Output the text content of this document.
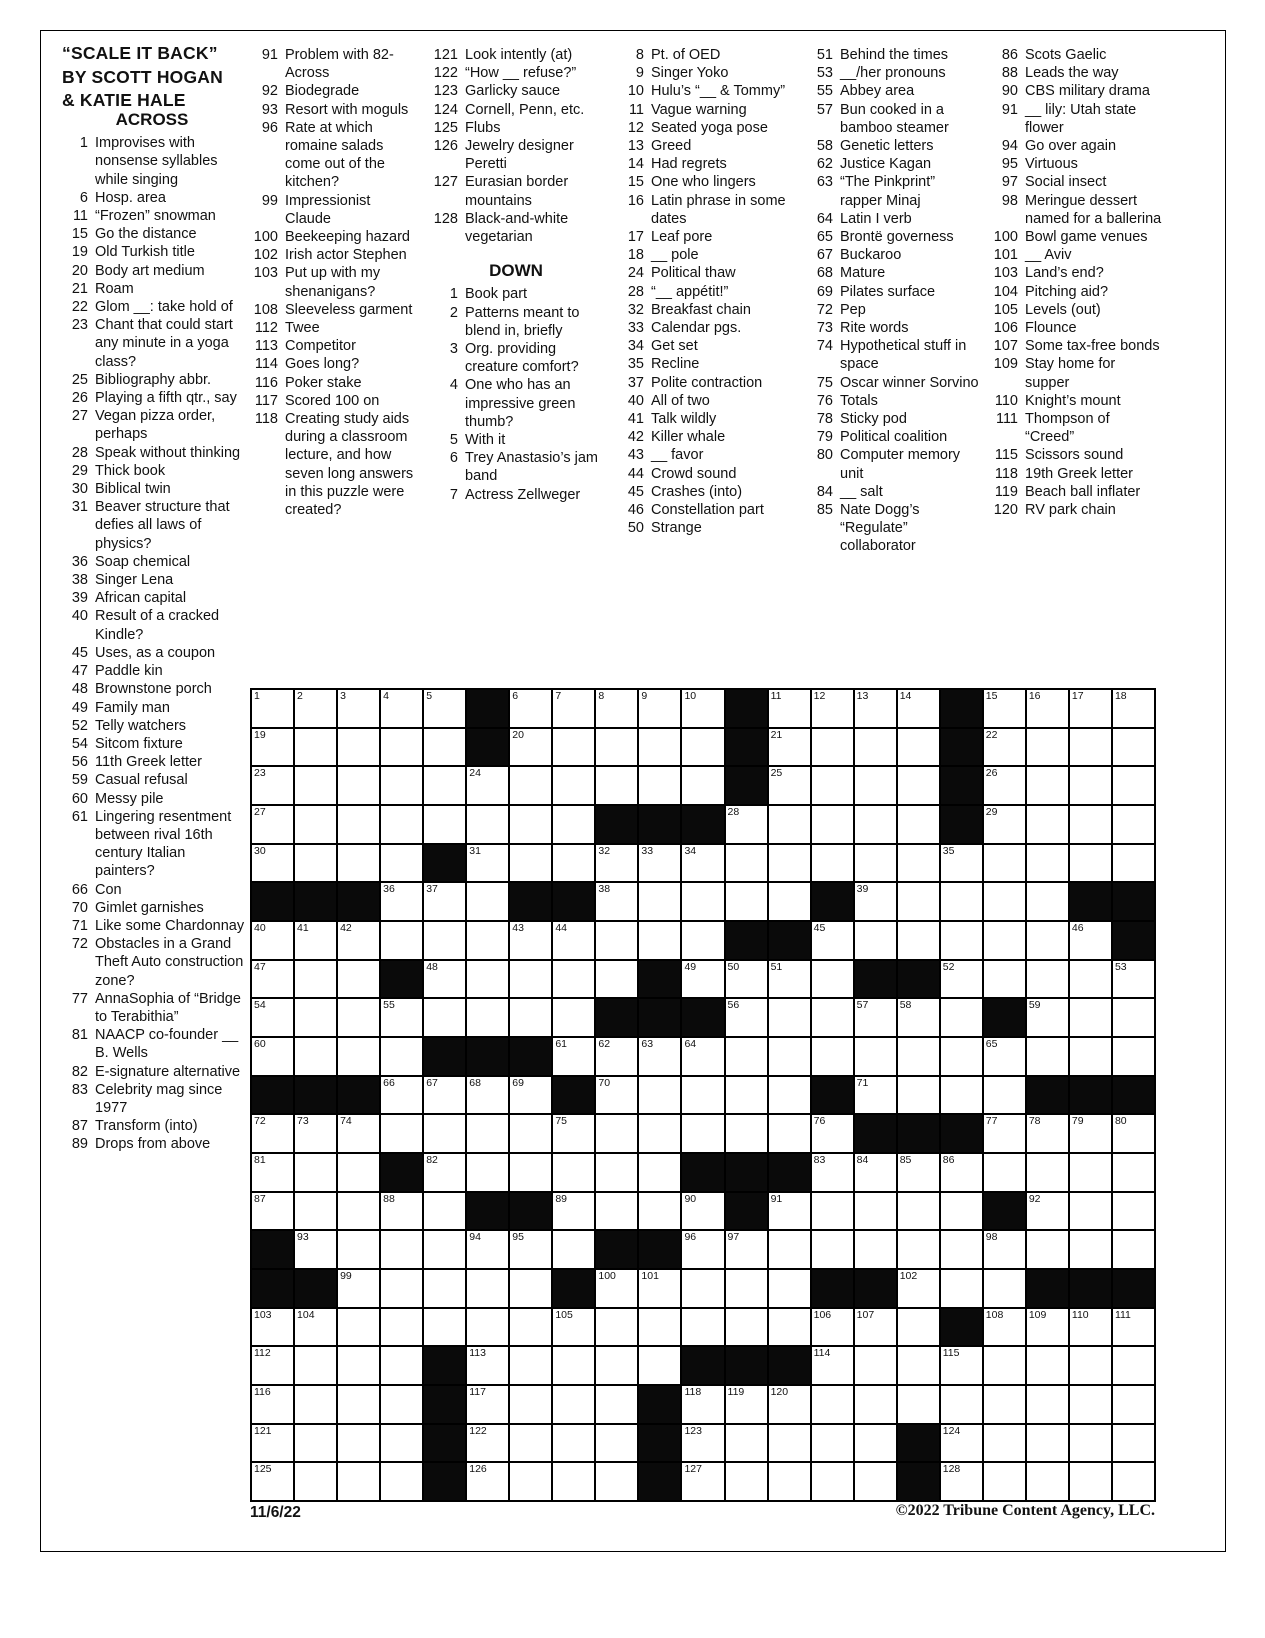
“SCALE IT BACK”
BY SCOTT HOGAN
& KATIE HALE
ACROSS
1 Improvises with nonsense syllables while singing
6 Hosp. area
11 “Frozen” snowman
15 Go the distance
19 Old Turkish title
20 Body art medium
21 Roam
22 Glom __: take hold of
23 Chant that could start any minute in a yoga class?
25 Bibliography abbr.
26 Playing a fifth qtr., say
27 Vegan pizza order, perhaps
28 Speak without thinking
29 Thick book
30 Biblical twin
31 Beaver structure that defies all laws of physics?
36 Soap chemical
38 Singer Lena
39 African capital
40 Result of a cracked Kindle?
45 Uses, as a coupon
47 Paddle kin
48 Brownstone porch
49 Family man
52 Telly watchers
54 Sitcom fixture
56 11th Greek letter
59 Casual refusal
60 Messy pile
61 Lingering resentment between rival 16th century Italian painters?
66 Con
70 Gimlet garnishes
71 Like some Chardonnay
72 Obstacles in a Grand Theft Auto construction zone?
77 AnnaSophia of “Bridge to Terabithia”
81 NAACP co-founder __ B. Wells
82 E-signature alternative
83 Celebrity mag since 1977
87 Transform (into)
89 Drops from above
91 Problem with 82-Across
92 Biodegrade
93 Resort with moguls
96 Rate at which romaine salads come out of the kitchen?
99 Impressionist Claude
100 Beekeeping hazard
102 Irish actor Stephen
103 Put up with my shenanigans?
108 Sleeveless garment
112 Twee
113 Competitor
114 Goes long?
116 Poker stake
117 Scored 100 on
118 Creating study aids during a classroom lecture, and how seven long answers in this puzzle were created?
121 Look intently (at)
122 “How __ refuse?”
123 Garlicky sauce
124 Cornell, Penn, etc.
125 Flubs
126 Jewelry designer Peretti
127 Eurasian border mountains
128 Black-and-white vegetarian
DOWN
1 Book part
2 Patterns meant to blend in, briefly
3 Org. providing creature comfort?
4 One who has an impressive green thumb?
5 With it
6 Trey Anastasio’s jam band
7 Actress Zellweger
8 Pt. of OED
9 Singer Yoko
10 Hulu’s “__ & Tommy”
11 Vague warning
12 Seated yoga pose
13 Greed
14 Had regrets
15 One who lingers
16 Latin phrase in some dates
17 Leaf pore
18 __ pole
24 Political thaw
28 “__ appétit!”
32 Breakfast chain
33 Calendar pgs.
34 Get set
35 Recline
37 Polite contraction
40 All of two
41 Talk wildly
42 Killer whale
43 __ favor
44 Crowd sound
45 Crashes (into)
46 Constellation part
50 Strange
51 Behind the times
53 __/her pronouns
55 Abbey area
57 Bun cooked in a bamboo steamer
58 Genetic letters
62 Justice Kagan
63 “The Pinkprint” rapper Minaj
64 Latin I verb
65 Brontë governess
67 Buckaroo
68 Mature
69 Pilates surface
72 Pep
73 Rite words
74 Hypothetical stuff in space
75 Oscar winner Sorvino
76 Totals
78 Sticky pod
79 Political coalition
80 Computer memory unit
84 __ salt
85 Nate Dogg’s “Regulate” collaborator
86 Scots Gaelic
88 Leads the way
90 CBS military drama
91 __ lily: Utah state flower
94 Go over again
95 Virtuous
97 Social insect
98 Meringue dessert named for a ballerina
100 Bowl game venues
101 __ Aviv
103 Land’s end?
104 Pitching aid?
105 Levels (out)
106 Flounce
107 Some tax-free bonds
109 Stay home for supper
110 Knight’s mount
111 Thompson of “Creed”
115 Scissors sound
118 19th Greek letter
119 Beach ball inflater
120 RV park chain
1	2	3	4	5	6	7	8	9	10	11	12	13	14	15	16	17	18
19	20	21	22
23	24	25	26
27	28	29
30	31	32	33	34	35
36	37	38	39
40	41	42	43	44	45	46
47	48	49	50	51	52	53
54	55	56	57	58	59
60	61	62	63	64	65
66	67	68	69	70	71
72	73	74	75	76	77	78	79	80
81	82	83	84	85	86
87	88	89	90	91	92
93	94	95	96	97	98
99	100 101	102
103 104	105	106 107	108 109 110	111
112	113	114	115
116	117	118	119	120
121	122	123	124
125	126	127	128
11/6/22	©2022 Tribune Content Agency, LLC.
